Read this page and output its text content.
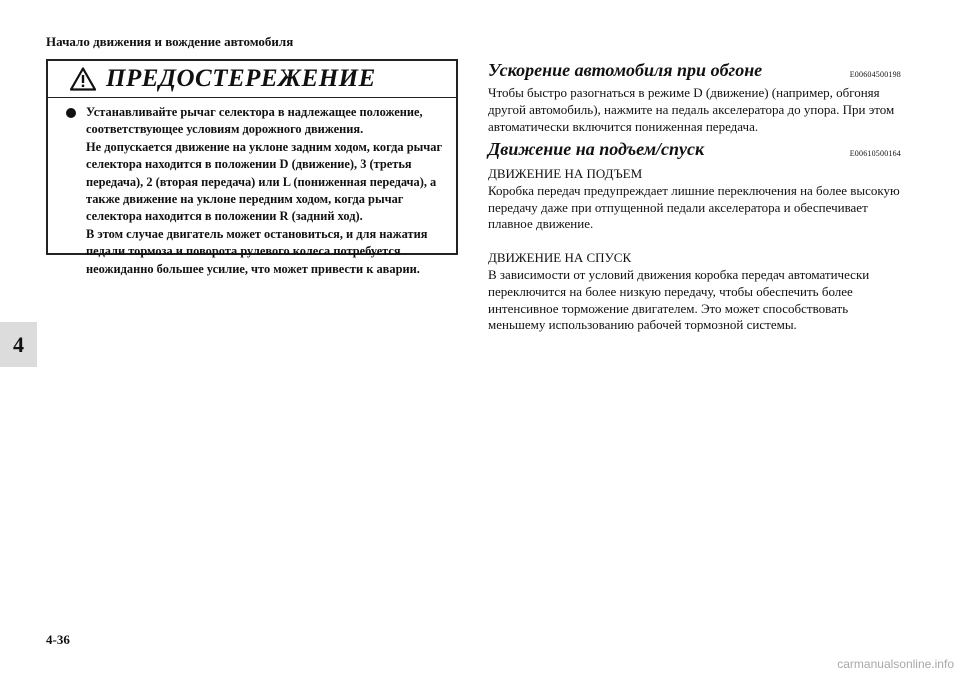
Начало движения и вождение автомобиля
4
ПРЕДОСТЕРЕЖЕНИЕ

Устанавливайте рычаг селектора в надлежащее положение, соответствующее условиям дорожного движения.

Не допускается движение на уклоне задним ходом, когда рычаг селектора находится в положении D (движение), 3 (третья передача), 2 (вторая передача) или L (пониженная передача), а также движение на уклоне передним ходом, когда рычаг селектора находится в положении R (задний ход).

В этом случае двигатель может остановиться, и для нажатия педали тормоза и поворота рулевого колеса потребуется неожиданно большее усилие, что может привести к аварии.

Ускорение автомобиля при обгоне	E00604500198

Чтобы быстро разогнаться в режиме D (движение) (например, обгоняя другой автомобиль), нажмите на педаль акселератора до упора. При этом автоматически включится пониженная передача.

Движение на подъем/спуск	E00610500164

ДВИЖЕНИЕ НА ПОДЪЕМ

Коробка передач предупреждает лишние переключения на более высокую передачу даже при отпущенной педали акселератора и обеспечивает плавное движение.

ДВИЖЕНИЕ НА СПУСК

В зависимости от условий движения коробка передач автоматически переключится на более низкую передачу, чтобы обеспечить более интенсивное торможение двигателем. Это может способствовать меньшему использованию рабочей тормозной системы.

4-36
carmanualsonline.info
